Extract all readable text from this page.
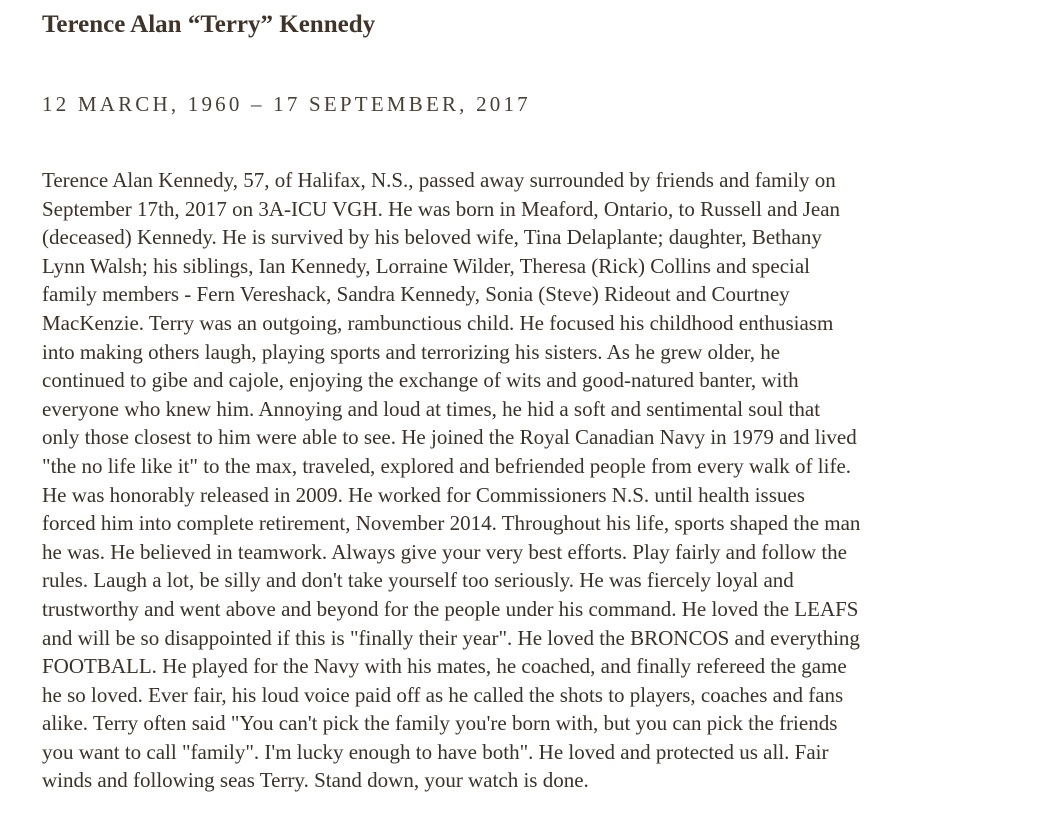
Terence Alan “Terry” Kennedy
12 MARCH, 1960 – 17 SEPTEMBER, 2017
Terence Alan Kennedy, 57, of Halifax, N.S., passed away surrounded by friends and family on
September 17th, 2017 on 3A-ICU VGH. He was born in Meaford, Ontario, to Russell and Jean
(deceased) Kennedy. He is survived by his beloved wife, Tina Delaplante; daughter, Bethany
Lynn Walsh; his siblings, Ian Kennedy, Lorraine Wilder, Theresa (Rick) Collins and special
family members - Fern Vereshack, Sandra Kennedy, Sonia (Steve) Rideout and Courtney
MacKenzie. Terry was an outgoing, rambunctious child. He focused his childhood enthusiasm
into making others laugh, playing sports and terrorizing his sisters. As he grew older, he
continued to gibe and cajole, enjoying the exchange of wits and good-natured banter, with
everyone who knew him. Annoying and loud at times, he hid a soft and sentimental soul that
only those closest to him were able to see. He joined the Royal Canadian Navy in 1979 and lived
"the no life like it" to the max, traveled, explored and befriended people from every walk of life.
He was honorably released in 2009. He worked for Commissioners N.S. until health issues
forced him into complete retirement, November 2014. Throughout his life, sports shaped the man
he was. He believed in teamwork. Always give your very best efforts. Play fairly and follow the
rules. Laugh a lot, be silly and don't take yourself too seriously. He was fiercely loyal and
trustworthy and went above and beyond for the people under his command. He loved the LEAFS
and will be so disappointed if this is "finally their year". He loved the BRONCOS and everything
FOOTBALL. He played for the Navy with his mates, he coached, and finally refereed the game
he so loved. Ever fair, his loud voice paid off as he called the shots to players, coaches and fans
alike. Terry often said "You can't pick the family you're born with, but you can pick the friends
you want to call "family". I'm lucky enough to have both". He loved and protected us all. Fair
winds and following seas Terry. Stand down, your watch is done.
